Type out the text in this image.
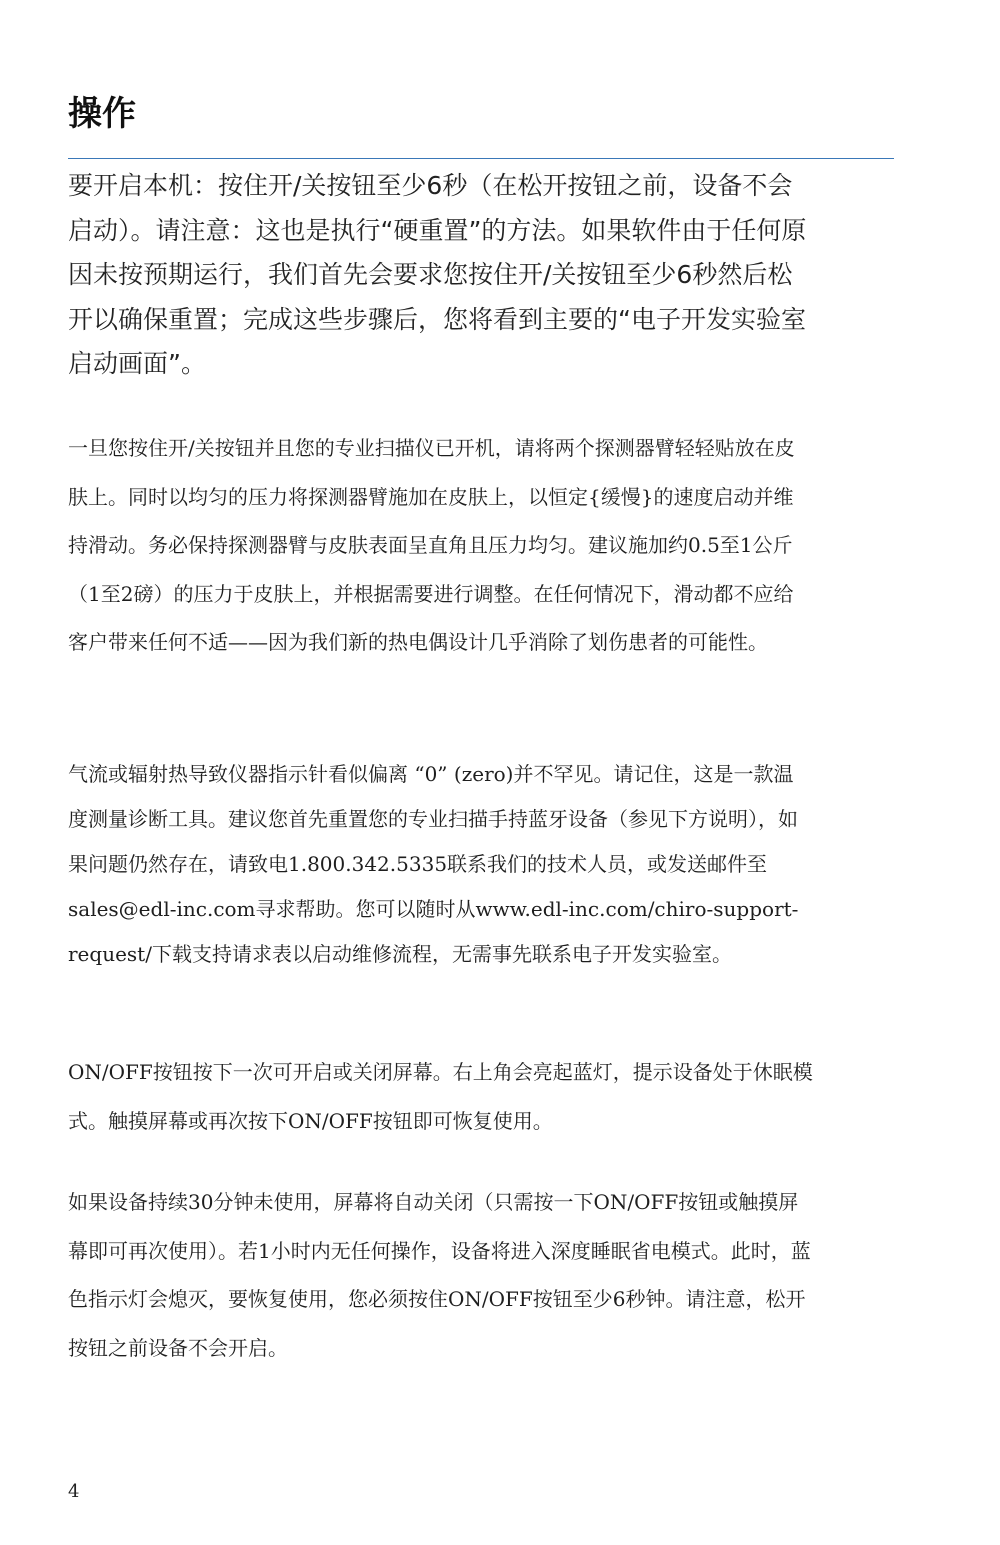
操作

要开启本机：按住开/关按钮至少6秒（在松开按钮之前，设备不会启动）。请注意：这也是执行“硬重置”的方法。如果软件由于任何原因未按预期运行，我们首先会要求您按住开/关按钮至少6秒然后松开以确保重置；完成这些步骤后，您将看到主要的“电子开发实验室启动画面”。

一旦您按住开/关按钮并且您的专业扫描仪已开机，请将两个探测器臂轻轻贴放在皮肤上。同时以均匀的压力将探测器臂施加在皮肤上，以恒定{缓慢}的速度启动并维持滑动。务必保持探测器臂与皮肤表面呈直角且压力均匀。建议施加约0.5至1公斤（1至2磅）的压力于皮肤上，并根据需要进行调整。在任何情况下，滑动都不应给客户带来任何不适——因为我们新的热电偶设计几乎消除了划伤患者的可能性。

气流或辐射热导致仪器指示针看似偏离 “0” (zero)并不罕见。请记住，这是一款温度测量诊断工具。建议您首先重置您的专业扫描手持蓝牙设备（参见下方说明），如果问题仍然存在，请致电1.800.342.5335联系我们的技术人员，或发送邮件至sales@edl-inc.com寻求帮助。您可以随时从www.edl-inc.com/chiro-support-request/下载支持请求表以启动维修流程，无需事先联系电子开发实验室。

ON/OFF按钮按下一次可开启或关闭屏幕。右上角会亮起蓝灯，提示设备处于休眠模式。触摸屏幕或再次按下ON/OFF按钮即可恢复使用。

如果设备持续30分钟未使用，屏幕将自动关闭（只需按一下ON/OFF按钮或触摸屏幕即可再次使用）。若1小时内无任何操作，设备将进入深度睡眠省电模式。此时，蓝色指示灯会熄灭，要恢复使用，您必须按住ON/OFF按钮至少6秒钟。请注意，松开按钮之前设备不会开启。

4
